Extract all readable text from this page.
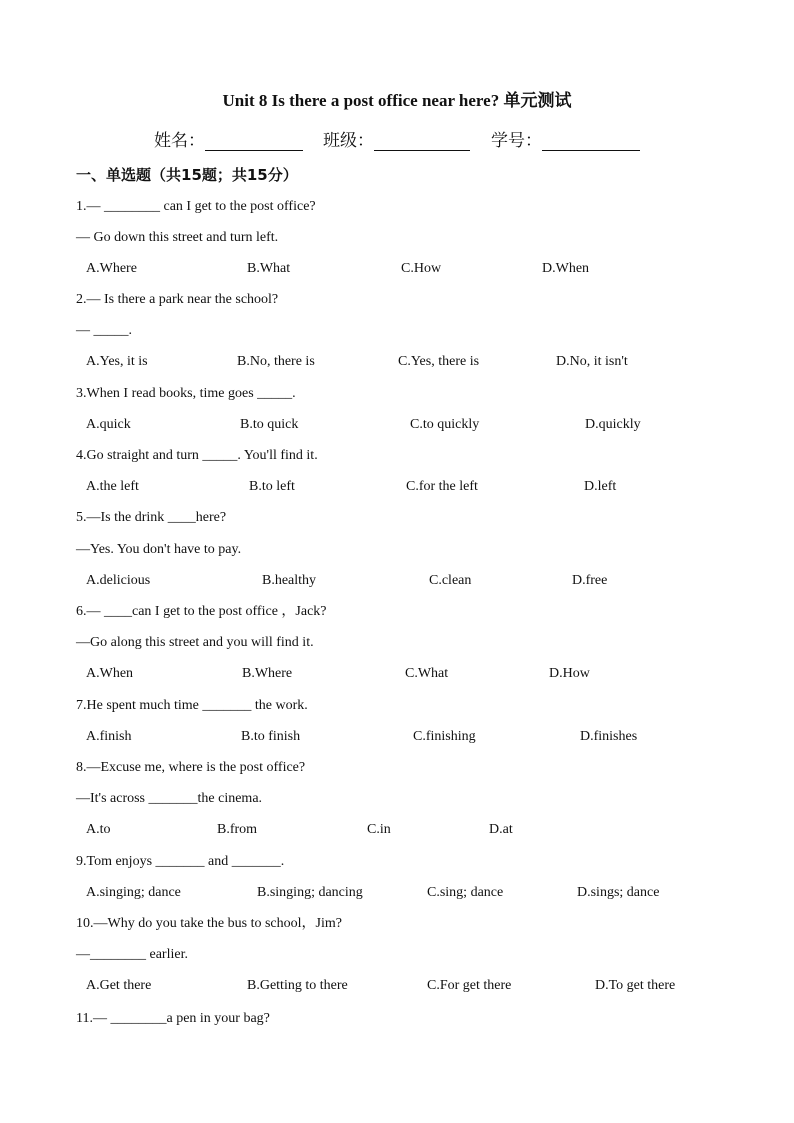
Unit 8 Is there a post office near here? 单元测试
姓名：	班级：	学号：
一、单选题（共15题；共15分）
1.— ________ can I get to the post office?
— Go down this street and turn left.
A.Where	B.What	C.How	D.When
2.— Is there a park near the school?
— _____.
A.Yes, it is	B.No, there is	C.Yes, there is	D.No, it isn't
3.When I read books, time goes _____.
A.quick	B.to quick	C.to quickly	D.quickly
4.Go straight and turn _____. You'll find it.
A.the left	B.to left	C.for the left	D.left
5.—Is the drink ____here?
—Yes. You don't have to pay.
A.delicious	B.healthy	C.clean	D.free
6.— ____can I get to the post office ，Jack?
—Go along this street and you will find it.
A.When	B.Where	C.What	D.How
7.He spent much time _______ the work.
A.finish	B.to finish	C.finishing	D.finishes
8.—Excuse me, where is the post office?
—It's across _______the cinema.
A.to	B.from	C.in	D.at
9.Tom enjoys _______ and _______.
A.singing; dance	B.singing; dancing	C.sing; dance	D.sings; dance
10.—Why do you take the bus to school，Jim?
—________ earlier.
A.Get there	B.Getting to there	C.For get there	D.To get there
11.— ________a pen in your bag?
